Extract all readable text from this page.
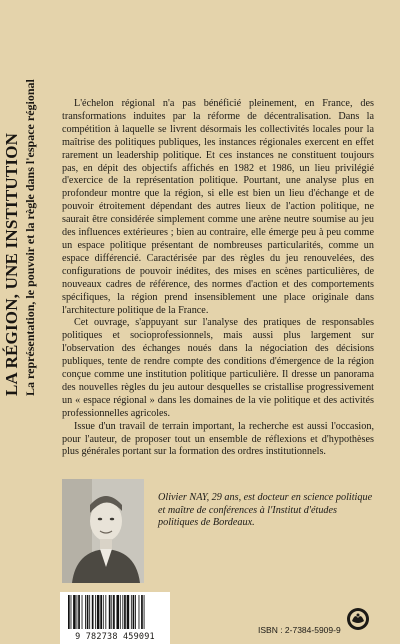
LA RÉGION, UNE INSTITUTION La représentation, le pouvoir et la règle dans l'espace régional	L'échelon régional n'a pas bénéficié pleinement, en France, des transformations induites par la réforme de décentralisation. Dans la compétition à laquelle se livrent désormais les collectivités locales pour la maîtrise des politiques publiques, les instances régionales exercent en effet rarement un leadership politique. Et ces instances ne constituent toujours pas, en dépit des objectifs affichés en 1982 et 1986, un lieu privilégié d'exercice de la représentation politique. Pourtant, une analyse plus en profondeur montre que la région, si elle est bien un lieu d'échange et de pouvoir étroitement dépendant des autres lieux de l'action politique, ne saurait être considérée simplement comme une arène neutre soumise au jeu des influences extérieures ; bien au contraire, elle émerge peu à peu comme un espace politique présentant de nombreuses particularités, comme un espace différencié. Caractérisée par des règles du jeu renouvelées, des configurations de pouvoir inédites, des mises en scènes particulières, de nouveaux cadres de référence, des normes d'action et des comportements spécifiques, la région prend insensiblement une place originale dans l'architecture politique de la France.

Cet ouvrage, s'appuyant sur l'analyse des pratiques de responsables politiques et socioprofessionnels, mais aussi plus largement sur l'observation des échanges noués dans la négociation des décisions publiques, tente de rendre compte des conditions d'émergence de la région conçue comme une institution politique particulière. Il dresse un panorama des nouvelles règles du jeu autour desquelles se cristallise progressivement un « espace régional » dans les domaines de la vie politique et des activités professionnelles agricoles.

Issue d'un travail de terrain important, la recherche est aussi l'occasion, pour l'auteur, de proposer tout un ensemble de réflexions et d'hypothèses plus générales portant sur la formation des ordres institutionnels.

Olivier NAY, 29 ans, est docteur en science politique et maître de conférences à l'Institut d'études politiques de Bordeaux.
9 782738 459091
ISBN : 2-7384-5909-9
